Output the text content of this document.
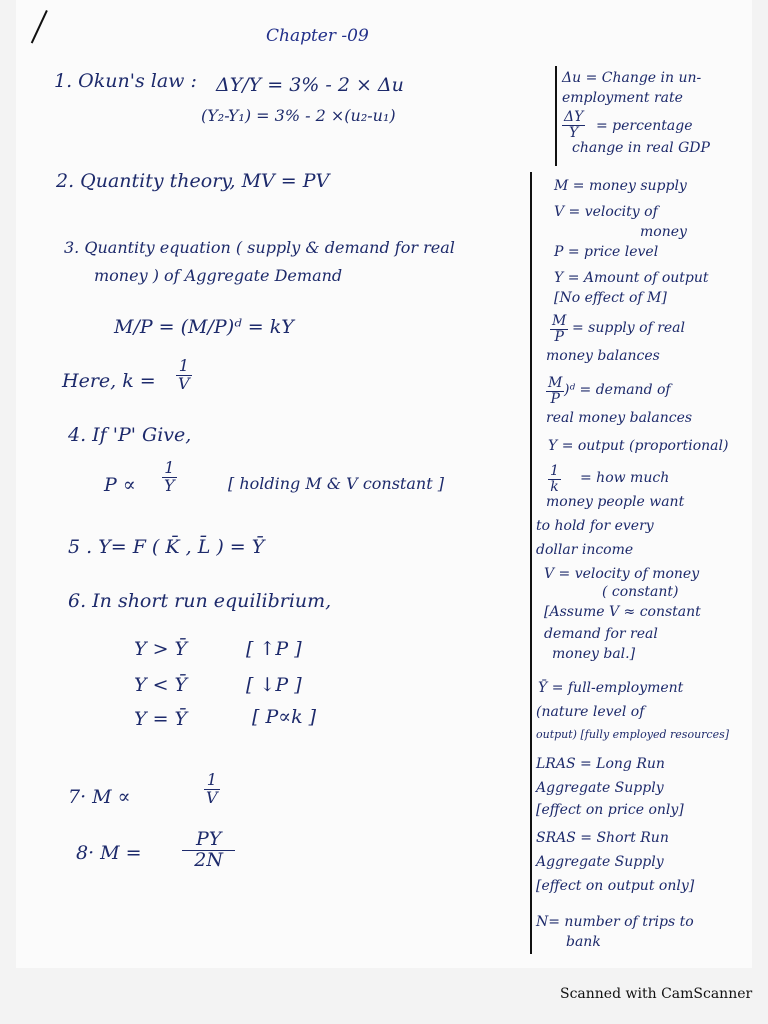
Chapter -09
1. Okun's law : ΔY/Y = 3% - 2 × Δu
(Y₂-Y₁) = 3% - 2 ×(u₂-u₁)
2. Quantity theory, MV = PV
3. Quantity equation ( supply & demand for real
money ) of Aggregate Demand
M/P = (M/P)ᵈ = kY
Here, k =
1
V
4. If 'P' Give,
P ∝
1
Y	[ holding M & V constant ]
5 . Y= F ( K̄ , L̄ ) = Ȳ
6. In short run equilibrium,
Y > Ȳ	[ ↑P ]
Y < Ȳ	[ ↓P ]
Y = Ȳ	[ P∝k ]
7· M ∝
1
V
8· M =
PY
2N
Δu = Change in un-
employment rate
ΔY
Y = percentage
change in real GDP
M = money supply
V = velocity of
money
P = price level
Y = Amount of output
[No effect of M]
M
P
= supply of real
money balances
M
P
)ᵈ = demand of
real money balances
Y = output (proportional)
1
k
= how much
money people want
to hold for every
dollar income
V = velocity of money
( constant)
[Assume V ≈ constant
demand for real
money bal.]
Ȳ = full-employment
(nature level of
output) [fully employed resources]
LRAS = Long Run
Aggregate Supply
[effect on price only]
SRAS = Short Run
Aggregate Supply
[effect on output only]
N= number of trips to
bank
Scanned with CamScanner
